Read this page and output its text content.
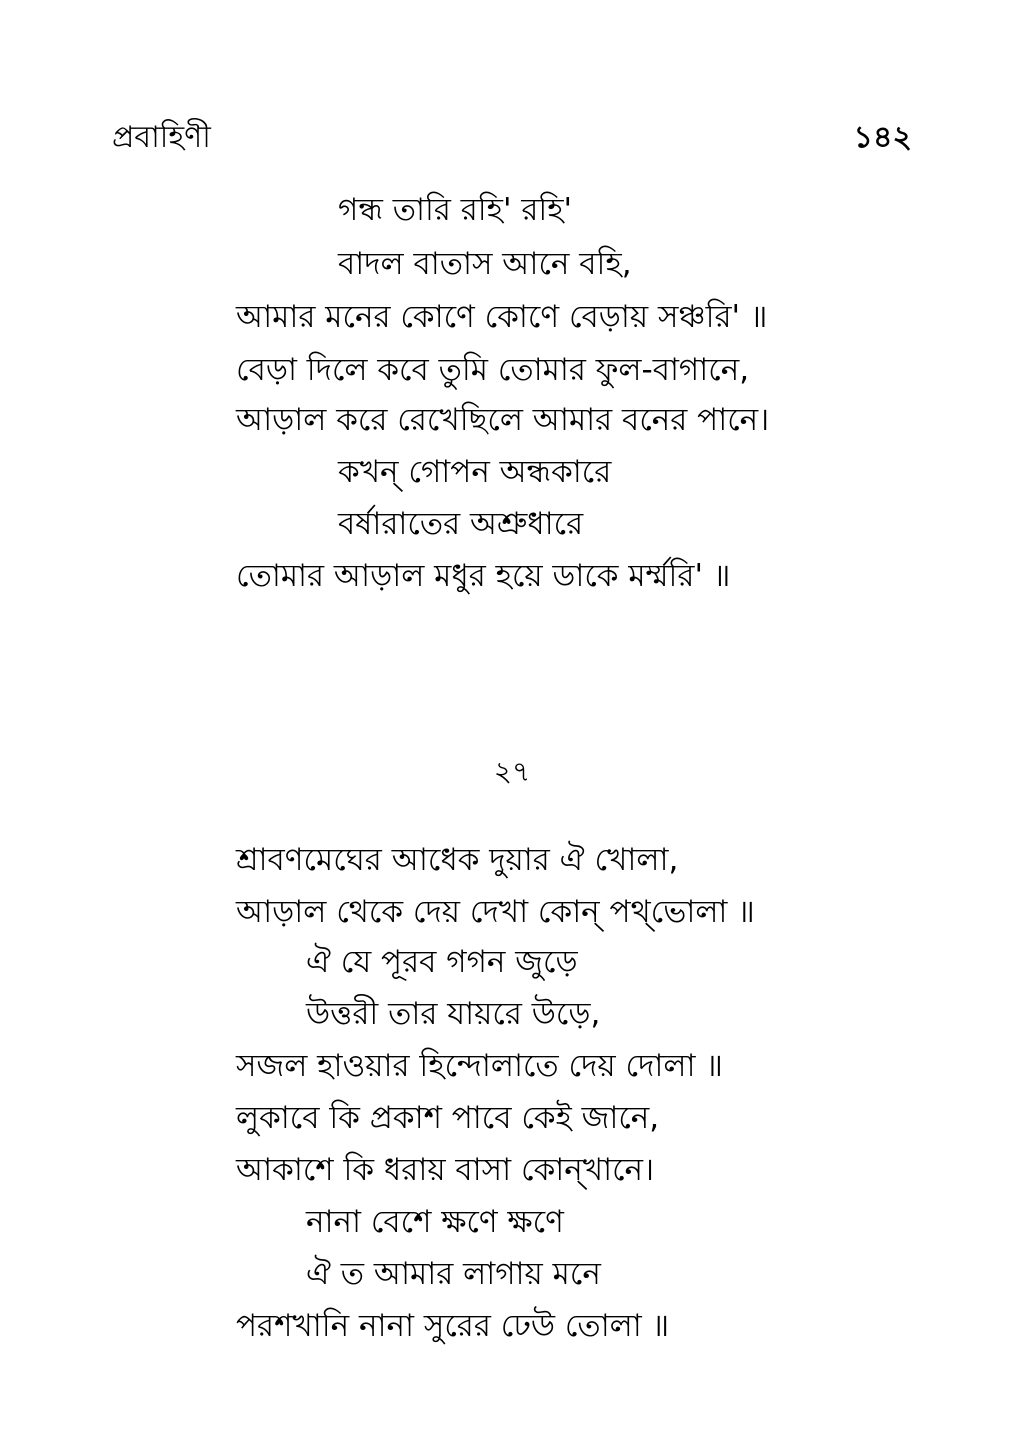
প্রবাহিণী	১৪২
গন্ধ তারি রহি' রহি'
বাদল বাতাস আনে বহি,
আমার মনের কোণে কোণে বেড়ায় সঞ্চরি' ॥
বেড়া দিলে কবে তুমি তোমার ফুল-বাগানে,
আড়াল করে রেখেছিলে আমার বনের পানে।
কখন্ গোপন অন্ধকারে
বর্ষারাতের অশ্রুধারে
তোমার আড়াল মধুর হয়ে ডাকে মর্ম্মরি' ॥
২৭
শ্রাবণমেঘের আধেক দুয়ার ঐ খোলা,
আড়াল থেকে দেয় দেখা কোন্ পথ্‌ভোলা ॥
ঐ যে পূরব গগন জুড়ে
উত্তরী তার যায়রে উড়ে,
সজল হাওয়ার হিন্দোলাতে দেয় দোলা ॥
লুকাবে কি প্রকাশ পাবে কেই জানে,
আকাশে কি ধরায় বাসা কোন্‌খানে।
নানা বেশে ক্ষণে ক্ষণে
ঐ ত আমার লাগায় মনে
পরশখানি নানা সুরের ঢেউ তোলা ॥
